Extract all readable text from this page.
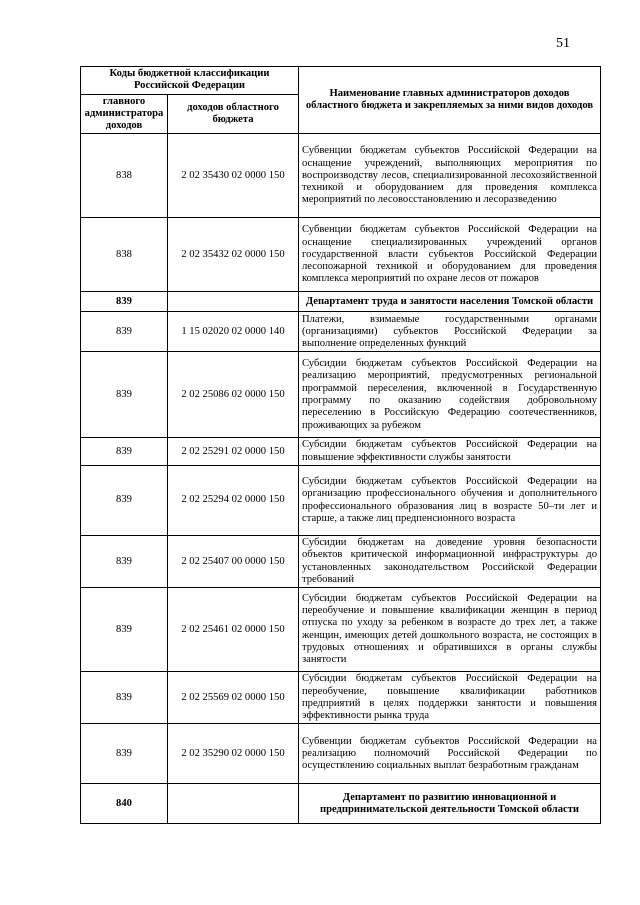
51
Коды бюджетной классификации Российской Федерации		Наименование главных администраторов доходов областного бюджета и закрепляемых за ними видов доходов
главного администратора доходов	доходов областного бюджета	
838	2 02 35430 02 0000 150	Субвенции бюджетам субъектов Российской Федерации на оснащение учреждений, выполняющих мероприятия по воспроизводству лесов, специализированной лесохозяйственной техникой и оборудованием для проведения комплекса мероприятий по лесовосстановлению и лесоразведению
838	2 02 35432 02 0000 150	Субвенции бюджетам субъектов Российской Федерации на оснащение специализированных учреждений органов государственной власти субъектов Российской Федерации лесопожарной техникой и оборудованием для проведения комплекса мероприятий по охране лесов от пожаров
839		Департамент труда и занятости населения Томской области
839	1 15 02020 02 0000 140	Платежи, взимаемые государственными органами (организациями) субъектов Российской Федерации за выполнение определенных функций
839	2 02 25086 02 0000 150	Субсидии бюджетам субъектов Российской Федерации на реализацию мероприятий, предусмотренных региональной программой переселения, включенной в Государственную программу по оказанию содействия добровольному переселению в Российскую Федерацию соотечественников, проживающих за рубежом
839	2 02 25291 02 0000 150	Субсидии бюджетам субъектов Российской Федерации на повышение эффективности службы занятости
839	2 02 25294 02 0000 150	Субсидии бюджетам субъектов Российской Федерации на организацию профессионального обучения и дополнительного профессионального образования лиц в возрасте 50–ти лет и старше, а также лиц предпенсионного возраста
839	2 02 25407 00 0000 150	Субсидии бюджетам на доведение уровня безопасности объектов критической информационной инфраструктуры до установленных законодательством Российской Федерации требований
839	2 02 25461 02 0000 150	Субсидии бюджетам субъектов Российской Федерации на переобучение и повышение квалификации женщин в период отпуска по уходу за ребенком в возрасте до трех лет, а также женщин, имеющих детей дошкольного возраста, не состоящих в трудовых отношениях и обратившихся в органы службы занятости
839	2 02 25569 02 0000 150	Субсидии бюджетам субъектов Российской Федерации на переобучение, повышение квалификации работников предприятий в целях поддержки занятости и повышения эффективности рынка труда
839	2 02 35290 02 0000 150	Субвенции бюджетам субъектов Российской Федерации на реализацию полномочий Российской Федерации по осуществлению социальных выплат безработным гражданам
840		Департамент по развитию инновационной и предпринимательской деятельности Томской области
